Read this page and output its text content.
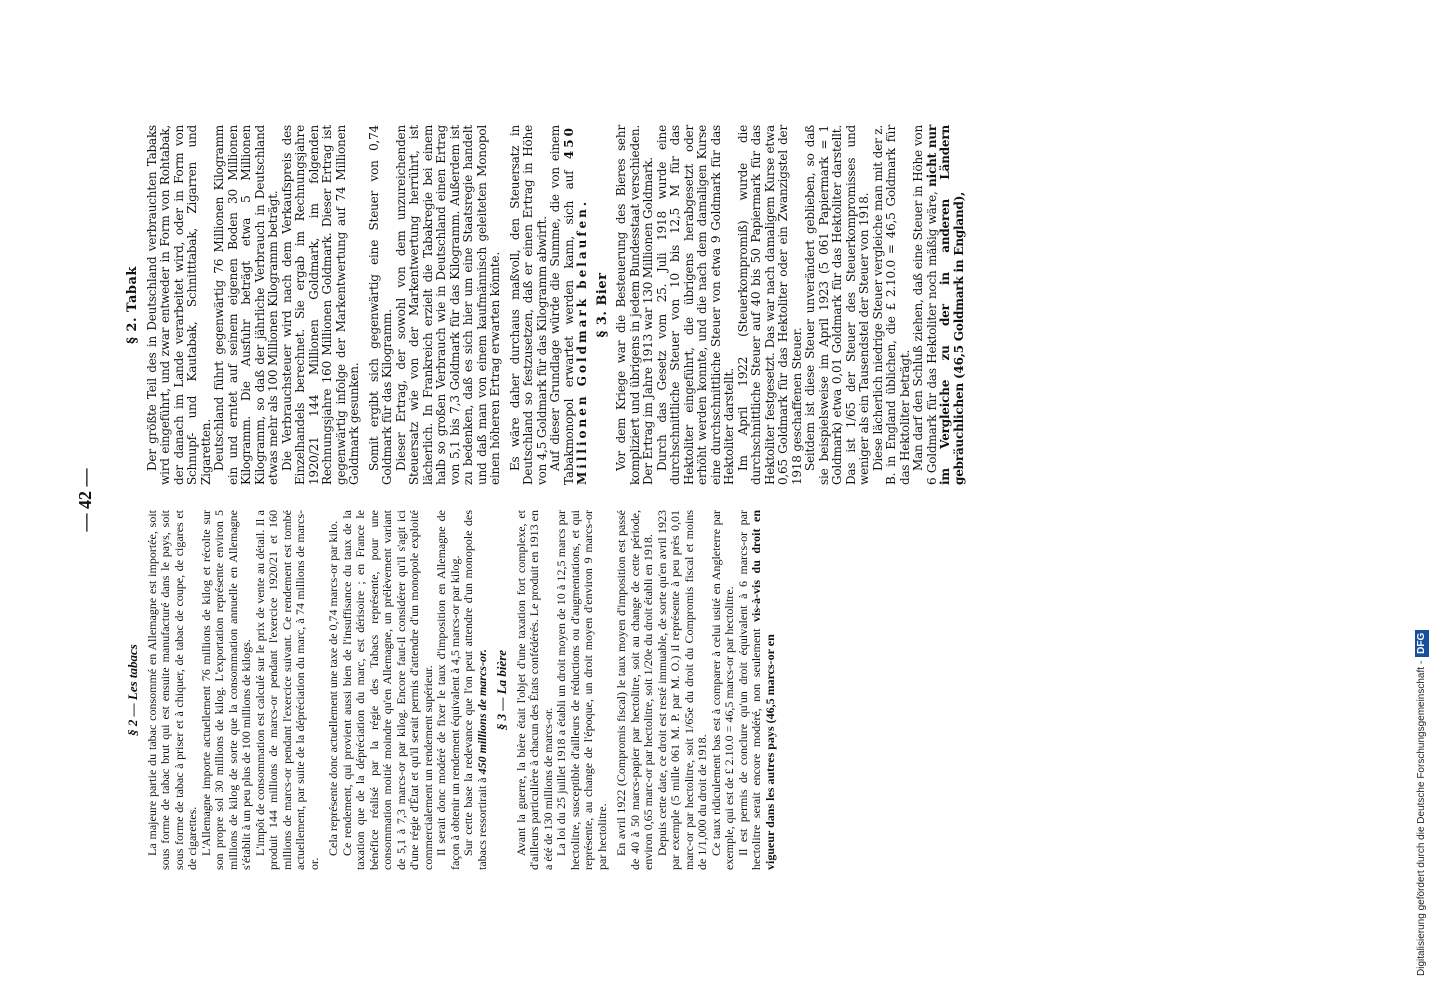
— 42 —
§ 2 — Les tabacs La majeure partie du tabac consommé en Allemagne est importée, soit sous forme de tabac brut qui est ensuite manufacturé dans le pays, soit sous forme de tabac à priser et à chiquer, de tabac de coupe, de cigares et de cigarettes. L'Allemagne importe actuellement 76 millions de kilog et récolte sur son propre sol 30 millions de kilog. L'exportation représente environ 5 millions de kilog de sorte que la consommation annuelle en Allemagne s'établit à un peu plus de 100 millions de kilogs. L'impôt de consommation est calculé sur le prix de vente au détail. Il a produit 144 millions de marcs-or pendant l'exercice 1920/21 et 160 millions de marcs-or pendant l'exercice suivant. Ce rendement est tombé actuellement, par suite de la dépréciation du marc, à 74 millions de marcs-or.

Cela représente donc actuellement une taxe de 0,74 marcs-or par kilo. Ce rendement, qui provient aussi bien de l'insuffisance du taux de la taxation que de la dépréciation du marc, est dérisoire ; en France le bénéfice réalisé par la régie des Tabacs représente, pour une consommation moitié moindre qu'en Allemagne, un prélèvement variant de 5,1 à 7,3 marcs-or par kilog. Encore faut-il considérer qu'il s'agit ici d'une régie d'État et qu'il serait permis d'attendre d'un monopole exploité commercialement un rendement supérieur. Il serait donc modéré de fixer le taux d'imposition en Allemagne de façon à obtenir un rendement équivalent à 4,5 marcs-or par kilog. Sur cette base la redevance que l'on peut attendre d'un monopole des tabacs ressortirait à 450 millions de marcs-or. § 3 — La bière Avant la guerre, la bière était l'objet d'une taxation fort complexe, et d'ailleurs particulière à chacun des États confédérés. Le produit en 1913 en a été de 130 millions de marcs-or. La loi du 25 juillet 1918 a établi un droit moyen de 10 à 12,5 marcs par hectolitre, susceptible d'ailleurs de réductions ou d'augmentations, et qui représente, au change de l'époque, un droit moyen d'environ 9 marcs-or par hectolitre. En avril 1922 (Compromis fiscal) le taux moyen d'imposition est passé de 40 à 50 marcs-papier par hectolitre, soit au change de cette période, environ 0,65 marc-or par hectolitre, soit 1/20e du droit établi en 1918. Depuis cette date, ce droit est resté immuable, de sorte qu'en avril 1923 par exemple (5 mille 061 M. P. par M. O.) il représente à peu près 0,01 marc-or par hectolitre, soit 1/65e du droit du Compromis fiscal et moins de 1/1,000 du droit de 1918. Ce taux ridiculement bas est à comparer à celui usité en Angleterre par exemple, qui est de £ 2.10.0 = 46,5 marcs-or par hectolitre. Il est permis de conclure qu'un droit équivalent à 6 marcs-or par hectolitre serait encore modéré, non seulement vis-à-vis du droit en vigueur dans les autres pays (46,5 marcs-or en

§ 2. Tabak Der größte Teil des in Deutschland verbrauchten Tabaks wird eingeführt, und zwar entweder in Form von Rohtabak, der danach im Lande verarbeitet wird, oder in Form von Schnupf- und Kautabak, Schnitttabak, Zigarren und Zigaretten. Deutschland führt gegenwärtig 76 Millionen Kilogramm ein und erntet auf seinem eigenen Boden 30 Millionen Kilogramm. Die Ausfuhr beträgt etwa 5 Millionen Kilogramm, so daß der jährliche Verbrauch in Deutschland etwas mehr als 100 Millionen Kilogramm beträgt. Die Verbrauchsteuer wird nach dem Verkaufspreis des Einzelhandels berechnet. Sie ergab im Rechnungsjahre 1920/21 144 Millionen Goldmark, im folgenden Rechnungsjahre 160 Millionen Goldmark. Dieser Ertrag ist gegenwärtig infolge der Markentwertung auf 74 Millionen Goldmark gesunken. Somit ergibt sich gegenwärtig eine Steuer von 0,74 Goldmark für das Kilogramm. Dieser Ertrag, der sowohl von dem unzureichenden Steuersatz wie von der Markentwertung herrührt, ist lächerlich. In Frankreich erzielt die Tabakregie bei einem halb so großen Verbrauch wie in Deutschland einen Ertrag von 5,1 bis 7,3 Goldmark für das Kilogramm. Außerdem ist zu bedenken, daß es sich hier um eine Staatsregie handelt und daß man von einem kaufmännisch geleiteten Monopol einen höheren Ertrag erwarten könnte. Es wäre daher durchaus maßvoll, den Steuersatz in Deutschland so festzusetzen, daß er einen Ertrag in Höhe von 4,5 Goldmark für das Kilogramm abwirft. Auf dieser Grundlage würde die Summe, die von einem Tabakmonopol erwartet werden kann, sich auf 450 Millionen Goldmark belaufen. § 3. Bier Vor dem Kriege war die Besteuerung des Bieres sehr kompliziert und übrigens in jedem Bundesstaat verschieden. Der Ertrag im Jahre 1913 war 130 Millionen Goldmark. Durch das Gesetz vom 25. Juli 1918 wurde eine durchschnittliche Steuer von 10 bis 12,5 M für das Hektoliter eingeführt, die übrigens herabgesetzt oder erhöht werden konnte, und die nach dem damaligen Kurse eine durchschnittliche Steuer von etwa 9 Goldmark für das Hektoliter darstellt. Im April 1922 (Steuerkompromiß) wurde die durchschnittliche Steuer auf 40 bis 50 Papiermark für das Hektoliter festgesetzt. Das war nach damaligem Kurse etwa 0,65 Goldmark für das Hektoliter oder ein Zwanzigstel der 1918 geschaffenen Steuer. Seitdem ist diese Steuer unverändert geblieben, so daß sie beispielsweise im April 1923 (5 061 Papiermark = 1 Goldmark) etwa 0,01 Goldmark für das Hektoliter darstellt. Das ist 1/65 der Steuer des Steuerkompromisses und weniger als ein Tausendstel der Steuer von 1918. Diese lächerlich niedrige Steuer vergleiche man mit der z. B. in England üblichen, die £ 2.10.0 = 46,5 Goldmark für das Hektoliter beträgt. Man darf den Schluß ziehen, daß eine Steuer in Höhe von 6 Goldmark für das Hektoliter noch mäßig wäre, nicht nur im Vergleiche zu der in anderen Ländern gebräuchlichen (46,5 Goldmark in England),

Digitalisierung gefördert durch die Deutsche Forschungsgemeinschaft -DFG
